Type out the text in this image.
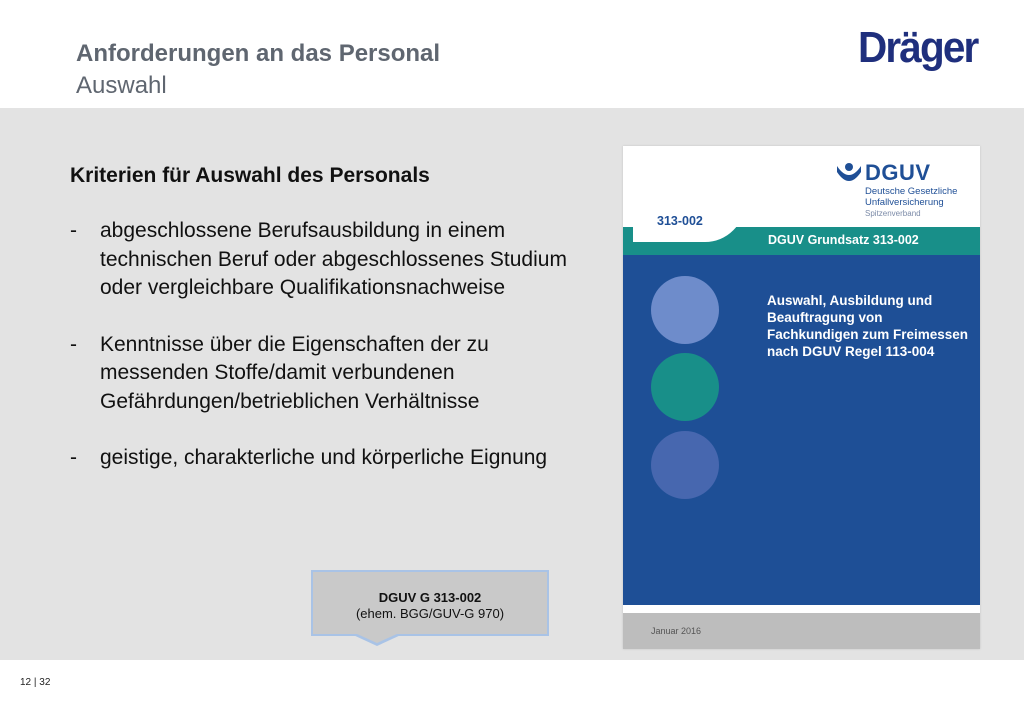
Anforderungen an das Personal
Auswahl
Dräger
Kriterien für Auswahl des Personals
- abgeschlossene Berufsausbildung in einem technischen Beruf oder abgeschlossenes Studium oder vergleichbare Qualifikationsnachweise
- Kenntnisse über die Eigenschaften der zu messenden Stoffe/damit verbundenen Gefährdungen/betrieblichen Verhältnisse
- geistige, charakterliche und körperliche Eignung
DGUV
Deutsche Gesetzliche Unfallversicherung
Spitzenverband
DGUV Grundsatz 313-002
313-002
Auswahl, Ausbildung und Beauftragung von Fachkundigen zum Freimessen nach DGUV Regel 113-004
Januar 2016
DGUV G 313-002
(ehem. BGG/GUV-G 970)
12 | 32
